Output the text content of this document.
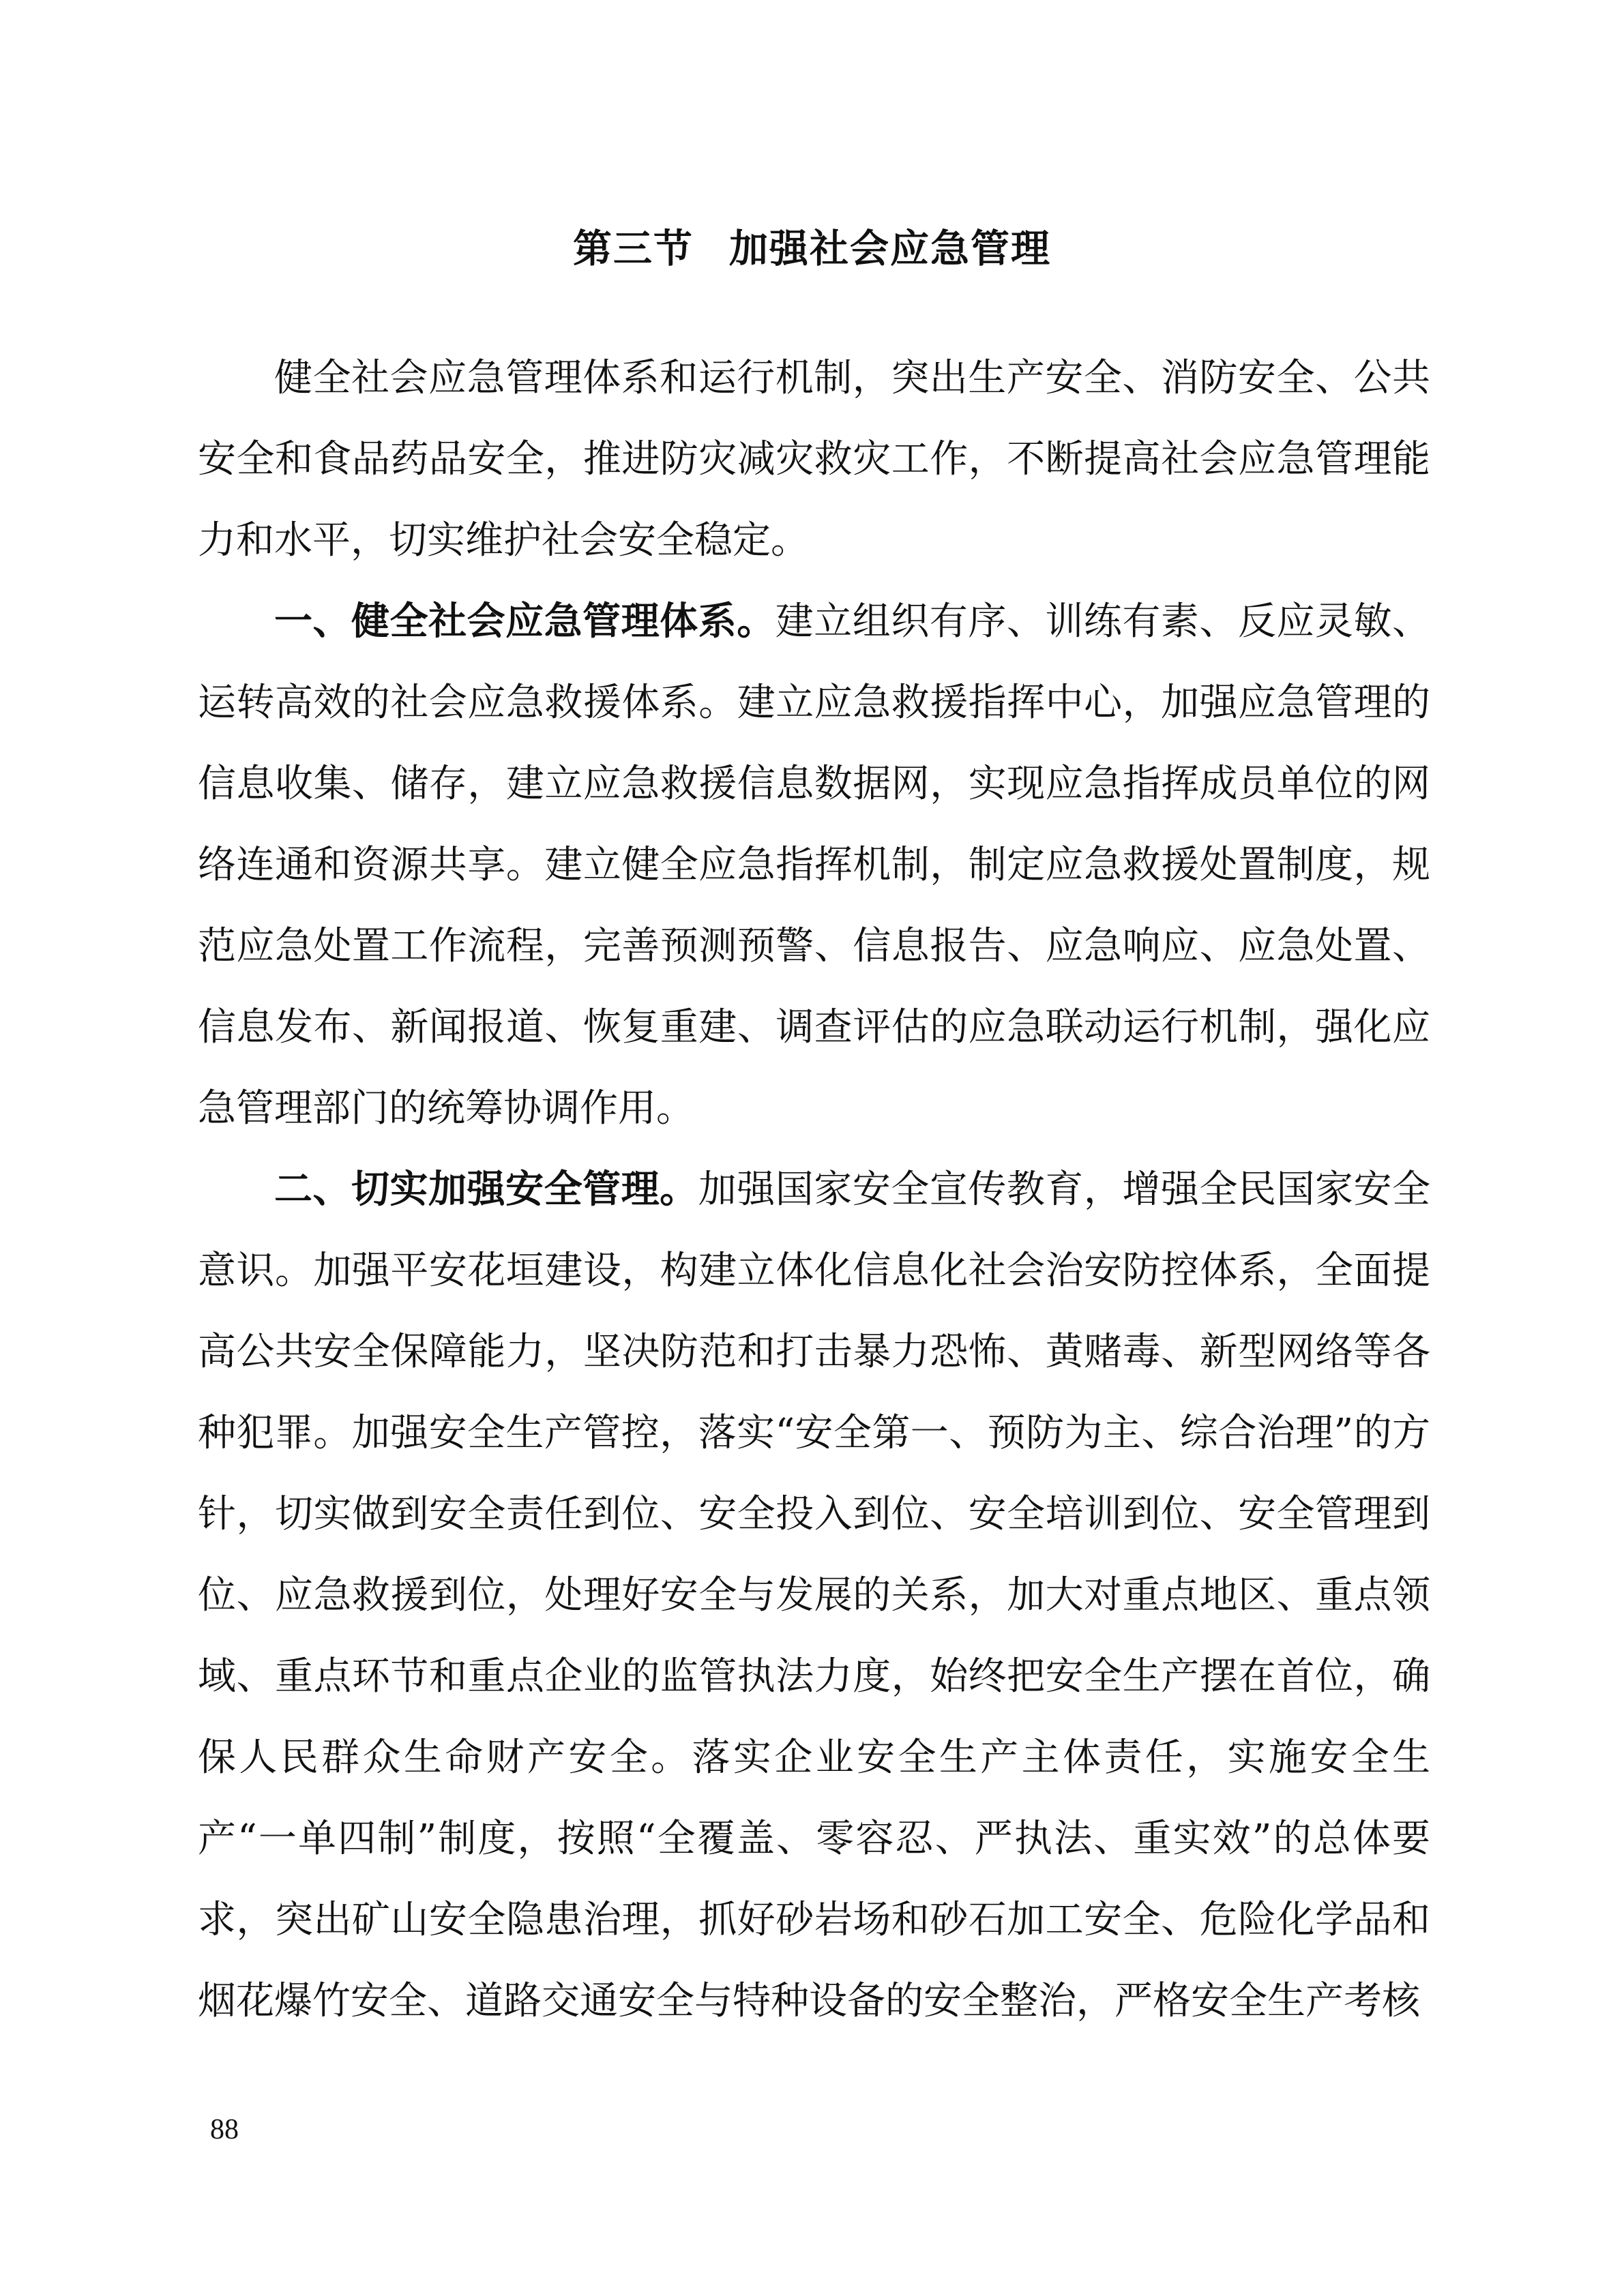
第三节 加强社会应急管理

健全社会应急管理体系和运行机制，突出生产安全、消防安全、公共安全和食品药品安全，推进防灾减灾救灾工作，不断提高社会应急管理能力和水平，切实维护社会安全稳定。

一、健全社会应急管理体系。建立组织有序、训练有素、反应灵敏、运转高效的社会应急救援体系。建立应急救援指挥中心，加强应急管理的信息收集、储存，建立应急救援信息数据网，实现应急指挥成员单位的网络连通和资源共享。建立健全应急指挥机制，制定应急救援处置制度，规范应急处置工作流程，完善预测预警、信息报告、应急响应、应急处置、信息发布、新闻报道、恢复重建、调查评估的应急联动运行机制，强化应急管理部门的统筹协调作用。

二、切实加强安全管理。加强国家安全宣传教育，增强全民国家安全意识。加强平安花垣建设，构建立体化信息化社会治安防控体系，全面提高公共安全保障能力，坚决防范和打击暴力恐怖、黄赌毒、新型网络等各种犯罪。加强安全生产管控，落实“安全第一、预防为主、综合治理”的方针，切实做到安全责任到位、安全投入到位、安全培训到位、安全管理到位、应急救援到位，处理好安全与发展的关系，加大对重点地区、重点领域、重点环节和重点企业的监管执法力度，始终把安全生产摆在首位，确保人民群众生命财产安全。落实企业安全生产主体责任，实施安全生产“一单四制”制度，按照“全覆盖、零容忍、严执法、重实效”的总体要求，突出矿山安全隐患治理，抓好砂岩场和砂石加工安全、危险化学品和烟花爆竹安全、道路交通安全与特种设备的安全整治，严格安全生产考核

88
